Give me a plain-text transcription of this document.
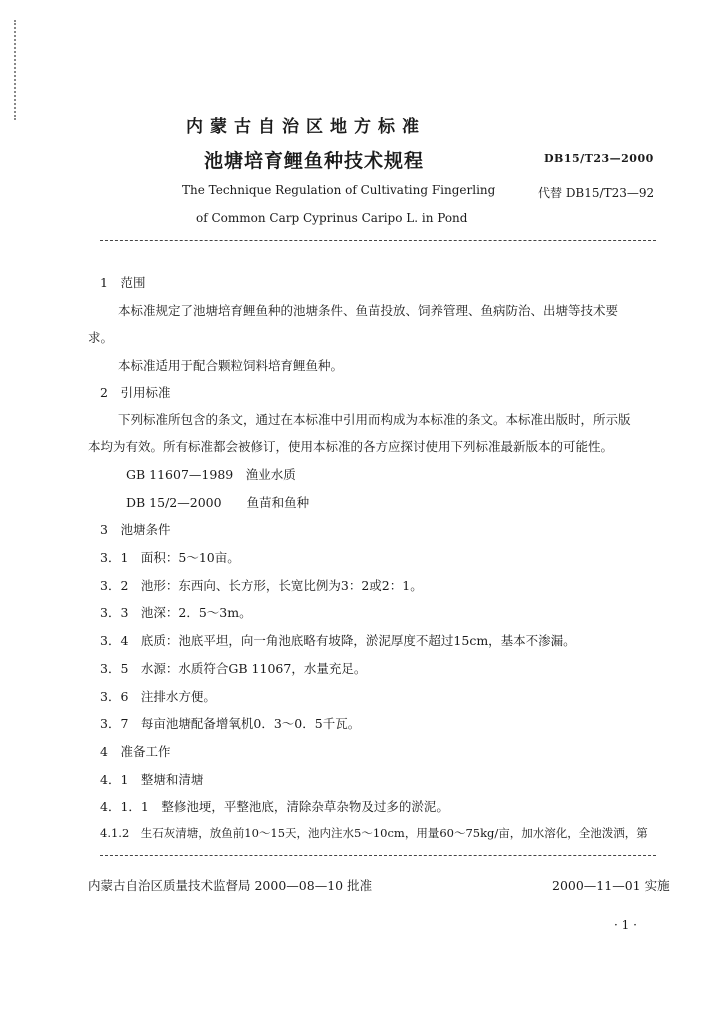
内蒙古自治区地方标准
池塘培育鲤鱼种技术规程	DB15/T23—2000
The Technique Regulation of Cultivating Fingerling	代替 DB15/T23—92
of Common Carp Cyprinus Caripo L. in Pond
1　范围
本标准规定了池塘培育鲤鱼种的池塘条件、鱼苗投放、饲养管理、鱼病防治、出塘等技术要
求。
本标准适用于配合颗粒饲料培育鲤鱼种。
2　引用标准
下列标准所包含的条文，通过在本标准中引用而构成为本标准的条文。本标准出版时，所示版
本均为有效。所有标准都会被修订，使用本标准的各方应探讨使用下列标准最新版本的可能性。
GB 11607—1989　渔业水质
DB 15/2—2000　　鱼苗和鱼种
3　池塘条件
3．1　面积：5～10亩。
3．2　池形：东西向、长方形，长宽比例为3：2或2：1。
3．3　池深：2．5～3m。
3．4　底质：池底平坦，向一角池底略有坡降，淤泥厚度不超过15cm，基本不渗漏。
3．5　水源：水质符合GB 11067，水量充足。
3．6　注排水方便。
3．7　每亩池塘配备增氧机0．3～0．5千瓦。
4　准备工作
4．1　整塘和清塘
4．1．1　整修池埂，平整池底，清除杂草杂物及过多的淤泥。
4.1.2　生石灰清塘，放鱼前10～15天，池内注水5～10cm，用量60～75kg/亩，加水溶化，全池泼洒，第
内蒙古自治区质量技术监督局 2000—08—10 批准	2000—11—01 实施
· 1 ·
